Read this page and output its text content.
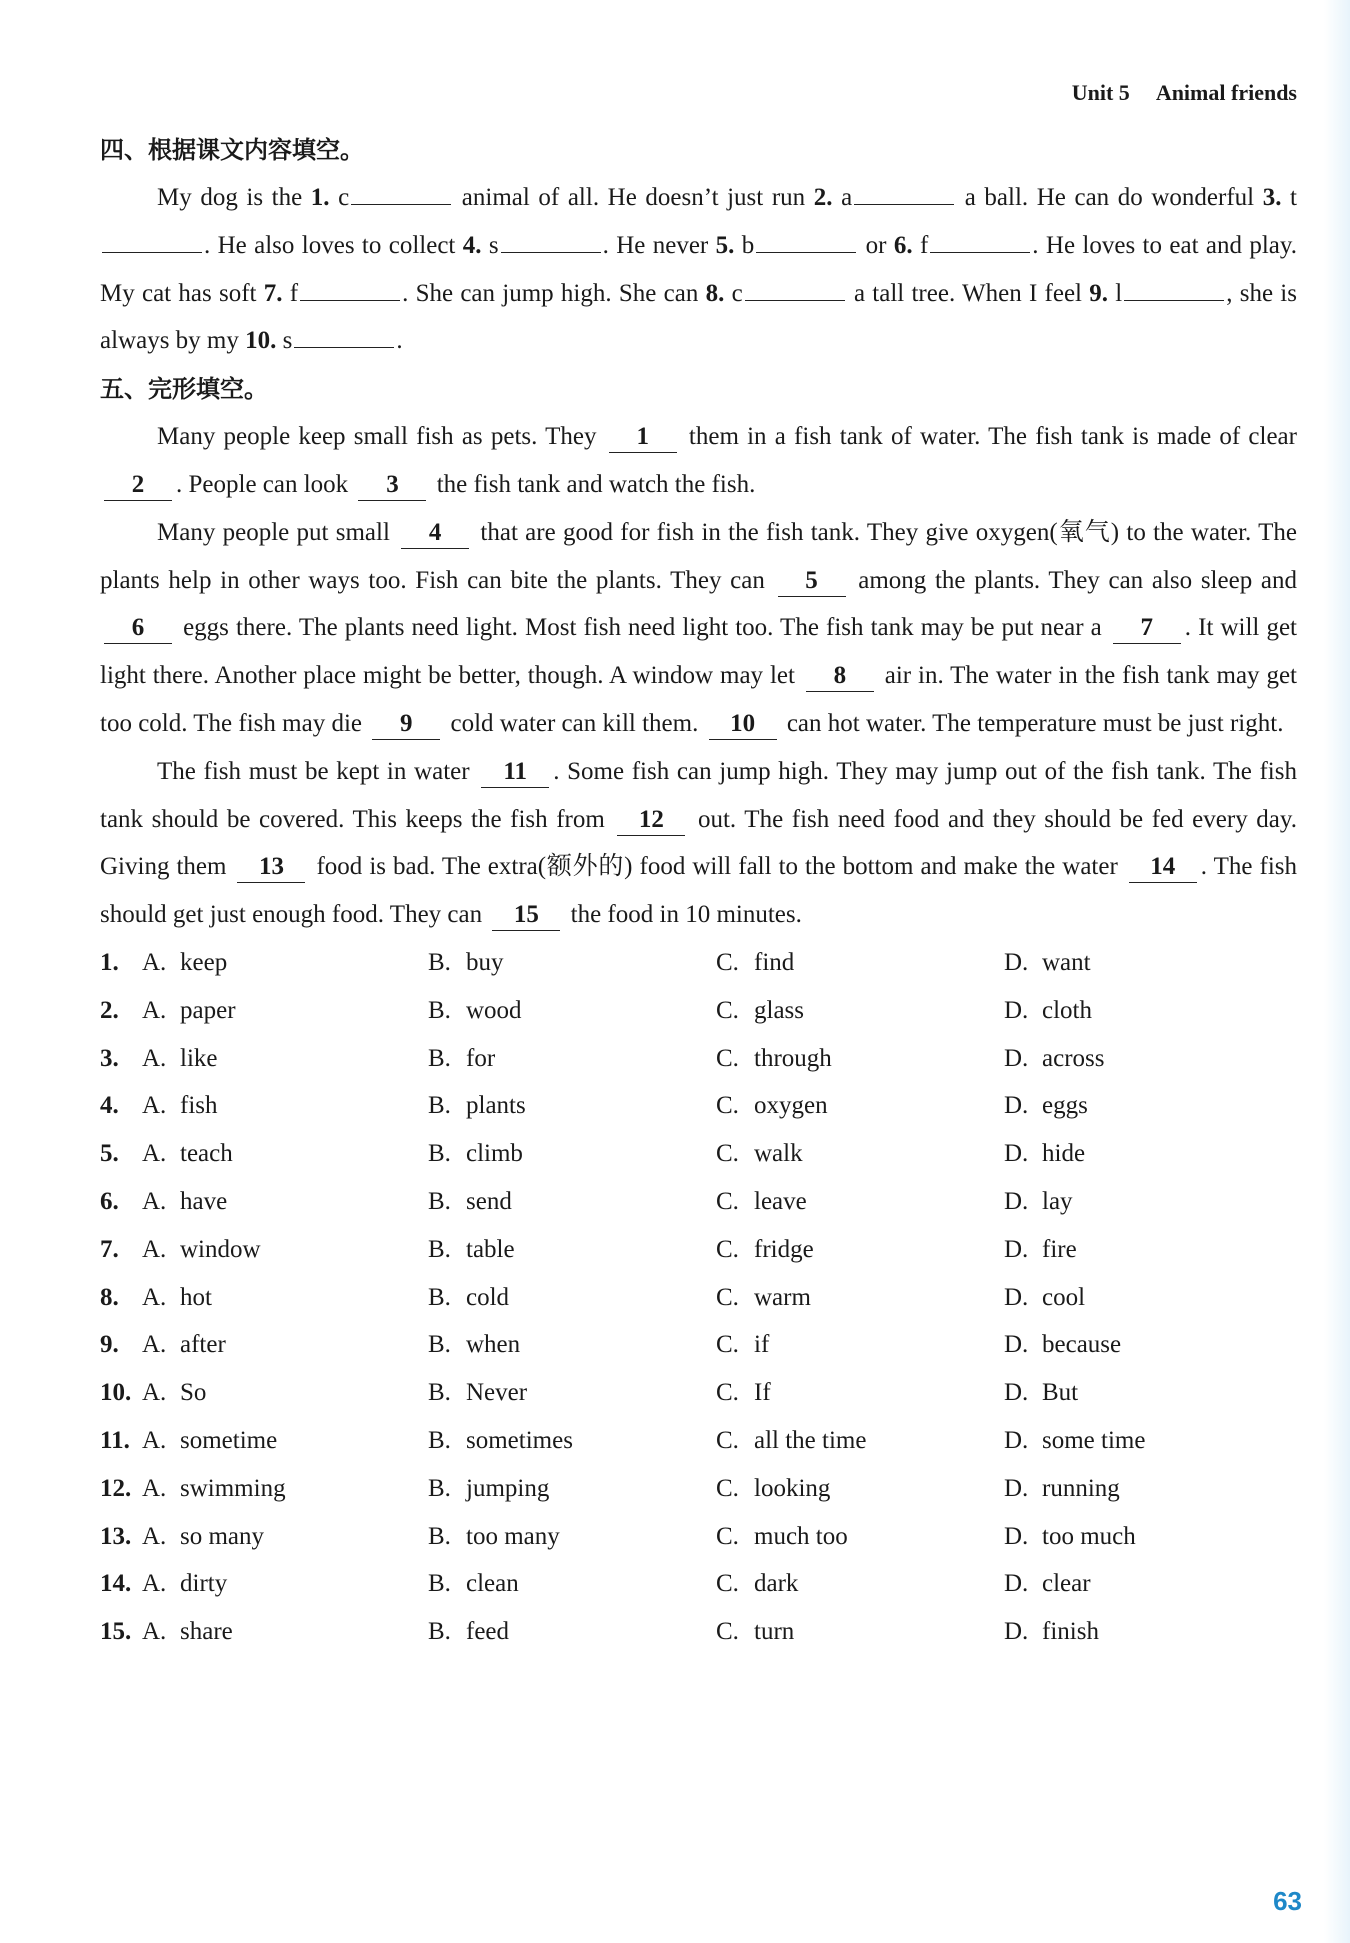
Unit 5 Animal friends
四、根据课文内容填空。

My dog is the 1. c	animal of all. He doesn’t just run 2. a	a ball. He can do wonderful 3. t. He also loves to collect 4. s	. He never 5. b	or 6. f	. He loves to eat and play. My cat has soft 7. f	. She can jump high. She can 8. c	a tall tree. When I feel 9. l	, she is always by my 10. s	.

五、完形填空。

Many people keep small fish as pets. They 1 them in a fish tank of water. The fish tank is made of clear 2 . People can look 3 the fish tank and watch the fish.

Many people put small 4 that are good for fish in the fish tank. They give oxygen(氧气) to the water. The plants help in other ways too. Fish can bite the plants. They can 5 among the plants. They can also sleep and 6 eggs there. The plants need light. Most fish need light too. The fish tank may be put near a 7 . It will get light there. Another place might be better, though. A window may let 8 air in. The water in the fish tank may get too cold. The fish may die 9 cold water can kill them. 10 can hot water. The temperature must be just right.

The fish must be kept in water 11 . Some fish can jump high. They may jump out of the fish tank. The fish tank should be covered. This keeps the fish from 12 out. The fish need food and they should be fed every day. Giving them 13 food is bad. The extra(额外的) food will fall to the bottom and make the water 14 . The fish should get just enough food. They can 15 the food in 10 minutes.

1. A. keep	B. buy	C. find	D. want
2. A. paper	B. wood	C. glass	D. cloth
3. A. like	B. for	C. through	D. across
4. A. fish	B. plants	C. oxygen	D. eggs
5. A. teach	B. climb	C. walk	D. hide
6. A. have	B. send	C. leave	D. lay
7. A. window	B. table	C. fridge	D. fire
8. A. hot	B. cold	C. warm	D. cool
9. A. after	B. when	C. if	D. because
10. A. So	B. Never	C. If	D. But
11. A. sometime	B. sometimes	C. all the time	D. some time
12. A. swimming	B. jumping	C. looking	D. running
13. A. so many	B. too many	C. much too	D. too much
14. A. dirty	B. clean	C. dark	D. clear
15. A. share	B. feed	C. turn	D. finish
63
